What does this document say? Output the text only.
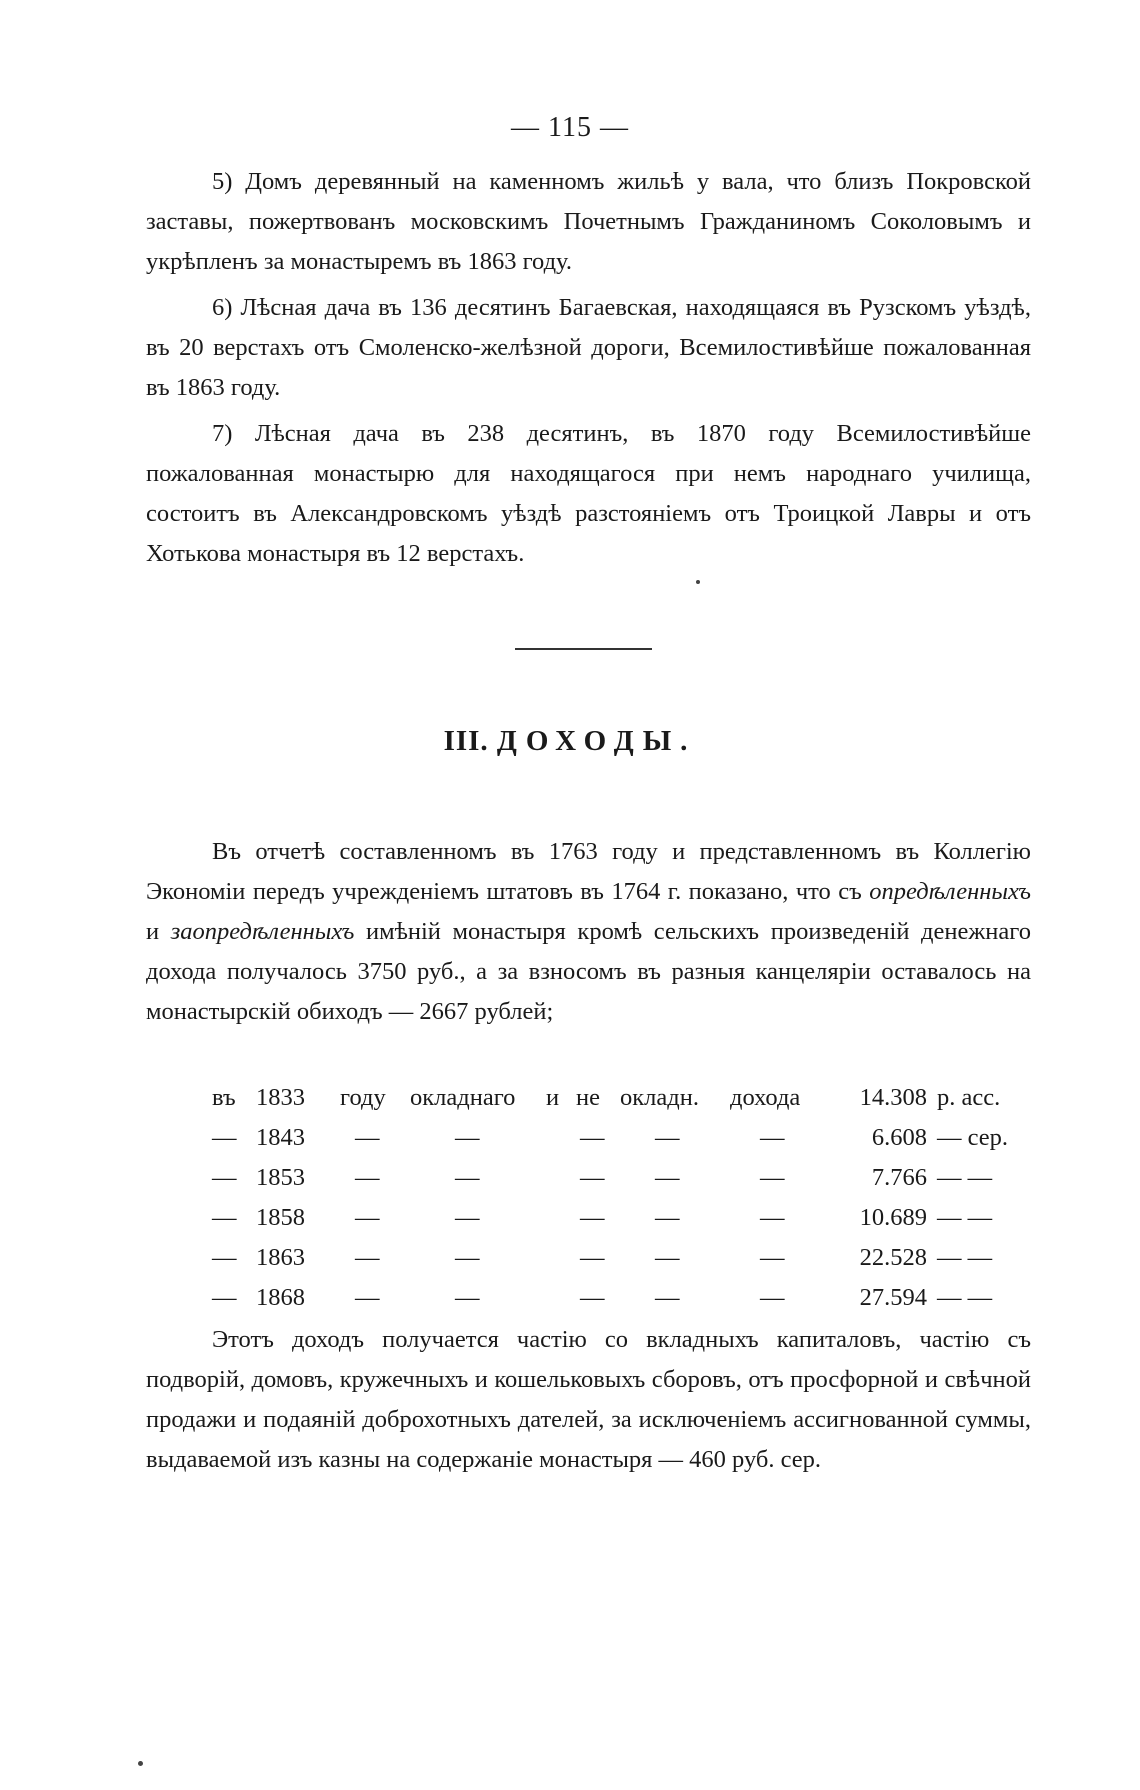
— 115 —

5) Домъ деревянный на каменномъ жильѣ у вала, что близъ Покровской заставы, пожертвованъ московскимъ Почетнымъ Гражданиномъ Соколовымъ и укрѣпленъ за монастыремъ въ 1863 году.

6) Лѣсная дача въ 136 десятинъ Багаевская, находящаяся въ Рузскомъ уѣздѣ, въ 20 верстахъ отъ Смоленско-желѣзной дороги, Всемилостивѣйше пожалованная въ 1863 году.

7) Лѣсная дача въ 238 десятинъ, въ 1870 году Всемилостивѣйше пожалованная монастырю для находящагося при немъ народнаго училища, состоитъ въ Александровскомъ уѣздѣ разстояніемъ отъ Троицкой Лавры и отъ Хотькова монастыря въ 12 верстахъ.

III. ДОХОДЫ.

Въ отчетѣ составленномъ въ 1763 году и представленномъ въ Коллегію Экономіи передъ учрежденіемъ штатовъ въ 1764 г. показано, что съ опредѣленныхъ и заопредѣленныхъ имѣній монастыря кромѣ сельскихъ произведеній денежнаго дохода получалось 3750 руб., а за взносомъ въ разныя канцеляріи оставалось на монастырскій обиходъ — 2667 рублей;

въ 1833 году окладнаго и не окладн. дохода 14.308 р. асс.
— 1843 —	—	— —	—	6.608 — сер.
— 1853 —	—	— —	—	7.766 — —
— 1858 —	—	— —	—	10.689 — —
— 1863 —	—	— —	—	22.528 — —
— 1868 —	—	— —	—	27.594 — —

Этотъ доходъ получается частію со вкладныхъ капиталовъ, частію съ подворій, домовъ, кружечныхъ и кошельковыхъ сборовъ, отъ просфорной и свѣчной продажи и подаяній доброхотныхъ дателей, за исключеніемъ ассигнованной суммы, выдаваемой изъ казны на содержаніе монастыря — 460 руб. сер.
